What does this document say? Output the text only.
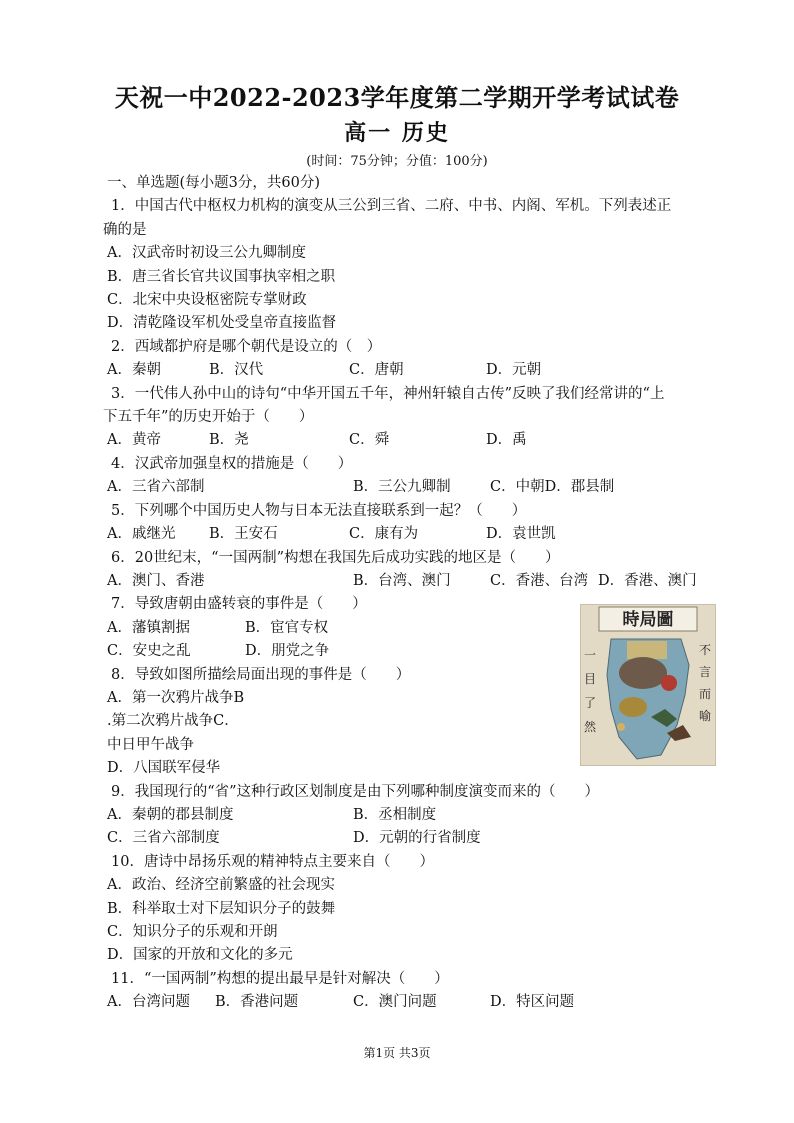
天祝一中2022-2023学年度第二学期开学考试试卷
高一 历史
(时间：75分钟；分值：100分)
一、单选题(每小题3分，共60分)
1．中国古代中枢权力机构的演变从三公到三省、二府、中书、内阁、军机。下列表述正
确的是
A．汉武帝时初设三公九卿制度
B．唐三省长官共议国事执宰相之职
C．北宋中央设枢密院专掌财政
D．清乾隆设军机处受皇帝直接监督
2．西域都护府是哪个朝代是设立的（　）
A．秦朝	B．汉代	C．唐朝	D．元朝
3．一代伟人孙中山的诗句“中华开国五千年，神州轩辕自古传”反映了我们经常讲的“上
下五千年”的历史开始于（　　）
A．黄帝	B．尧	C．舜	D．禹
4．汉武帝加强皇权的措施是（　　）
A．三省六部制	B．三公九卿制	C．中朝D．郡县制
5．下列哪个中国历史人物与日本无法直接联系到一起？（　　）
A．戚继光 B．王安石	C．康有为	D．袁世凯
6．20世纪末，“一国两制”构想在我国先后成功实践的地区是（　　）
A．澳门、香港	B．台湾、澳门	C．香港、台湾 D．香港、澳门
7．导致唐朝由盛转衰的事件是（　　）
A．藩镇割据	B．宦官专权
C．安史之乱	D．朋党之争
8．导致如图所描绘局面出现的事件是（　　）
A．第一次鸦片战争B
.第二次鸦片战争C．
中日甲午战争
D．八国联军侵华
9．我国现行的“省”这种行政区划制度是由下列哪种制度演变而来的（　　）
A．秦朝的郡县制度	B．丞相制度
C．三省六部制度	D．元朝的行省制度
10．唐诗中昂扬乐观的精神特点主要来自（　　）
A．政治、经济空前繁盛的社会现实
B．科举取士对下层知识分子的鼓舞
C．知识分子的乐观和开朗
D．国家的开放和文化的多元
11．“一国两制”构想的提出最早是针对解决（　　）
A．台湾问题 B．香港问题	C．澳门问题	D．特区问题
時局圖
不言而喻
一目了然
第1页 共3页
